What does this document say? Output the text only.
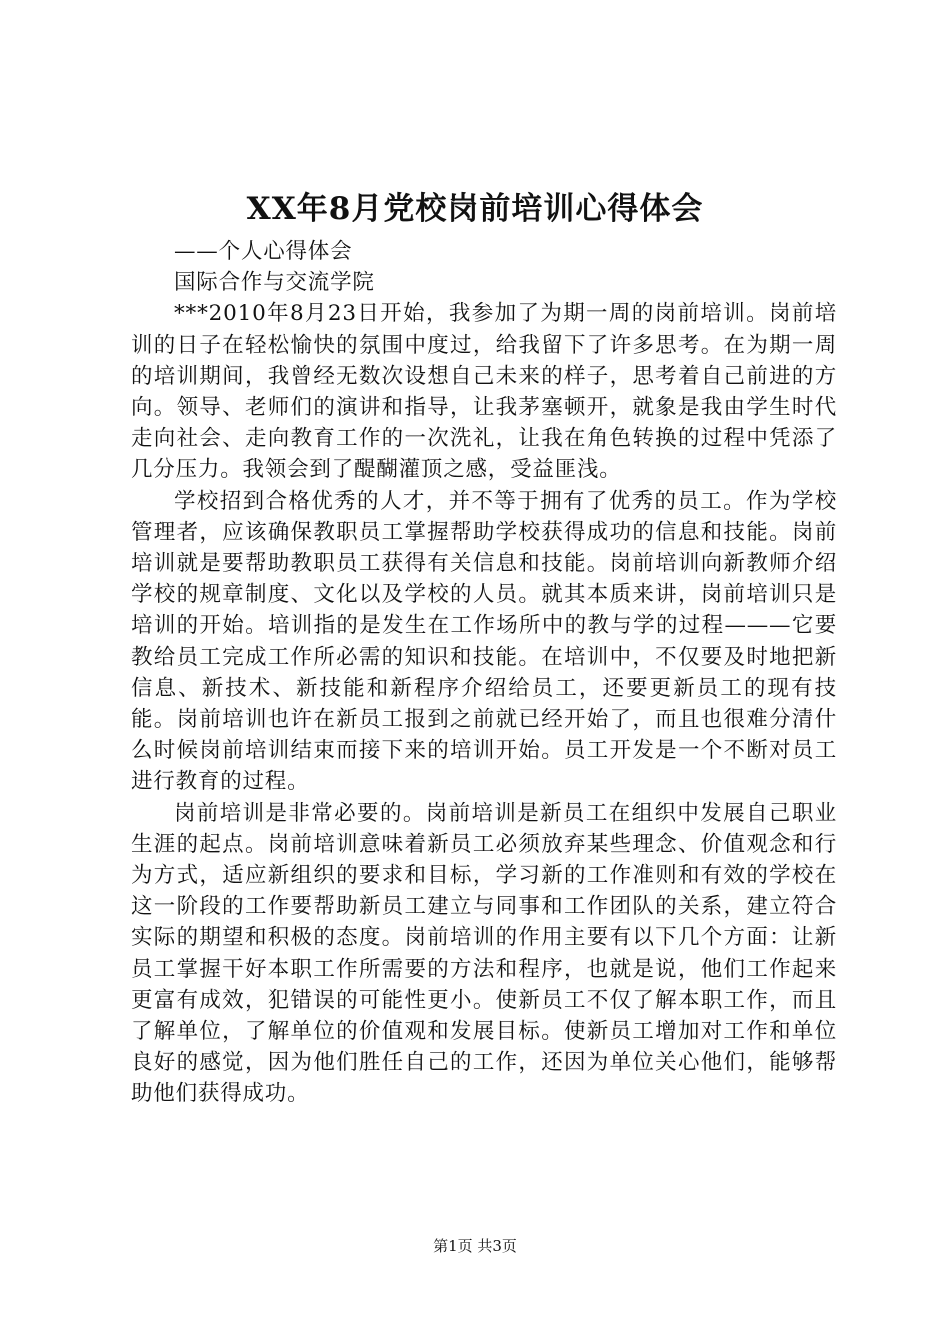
XX年8月党校岗前培训心得体会

——个人心得体会

国际合作与交流学院

***2010年8月23日开始，我参加了为期一周的岗前培训。岗前培训的日子在轻松愉快的氛围中度过，给我留下了许多思考。在为期一周的培训期间，我曾经无数次设想自己未来的样子，思考着自己前进的方向。领导、老师们的演讲和指导，让我茅塞顿开，就象是我由学生时代走向社会、走向教育工作的一次洗礼，让我在角色转换的过程中凭添了几分压力。我领会到了醍醐灌顶之感，受益匪浅。

学校招到合格优秀的人才，并不等于拥有了优秀的员工。作为学校管理者，应该确保教职员工掌握帮助学校获得成功的信息和技能。岗前培训就是要帮助教职员工获得有关信息和技能。岗前培训向新教师介绍学校的规章制度、文化以及学校的人员。就其本质来讲，岗前培训只是培训的开始。培训指的是发生在工作场所中的教与学的过程———它要教给员工完成工作所必需的知识和技能。在培训中，不仅要及时地把新信息、新技术、新技能和新程序介绍给员工，还要更新员工的现有技能。岗前培训也许在新员工报到之前就已经开始了，而且也很难分清什么时候岗前培训结束而接下来的培训开始。员工开发是一个不断对员工进行教育的过程。

岗前培训是非常必要的。岗前培训是新员工在组织中发展自己职业生涯的起点。岗前培训意味着新员工必须放弃某些理念、价值观念和行为方式，适应新组织的要求和目标，学习新的工作准则和有效的学校在这一阶段的工作要帮助新员工建立与同事和工作团队的关系，建立符合实际的期望和积极的态度。岗前培训的作用主要有以下几个方面：让新员工掌握干好本职工作所需要的方法和程序，也就是说，他们工作起来更富有成效，犯错误的可能性更小。使新员工不仅了解本职工作，而且了解单位，了解单位的价值观和发展目标。使新员工增加对工作和单位良好的感觉，因为他们胜任自己的工作，还因为单位关心他们，能够帮助他们获得成功。

第1页 共3页
